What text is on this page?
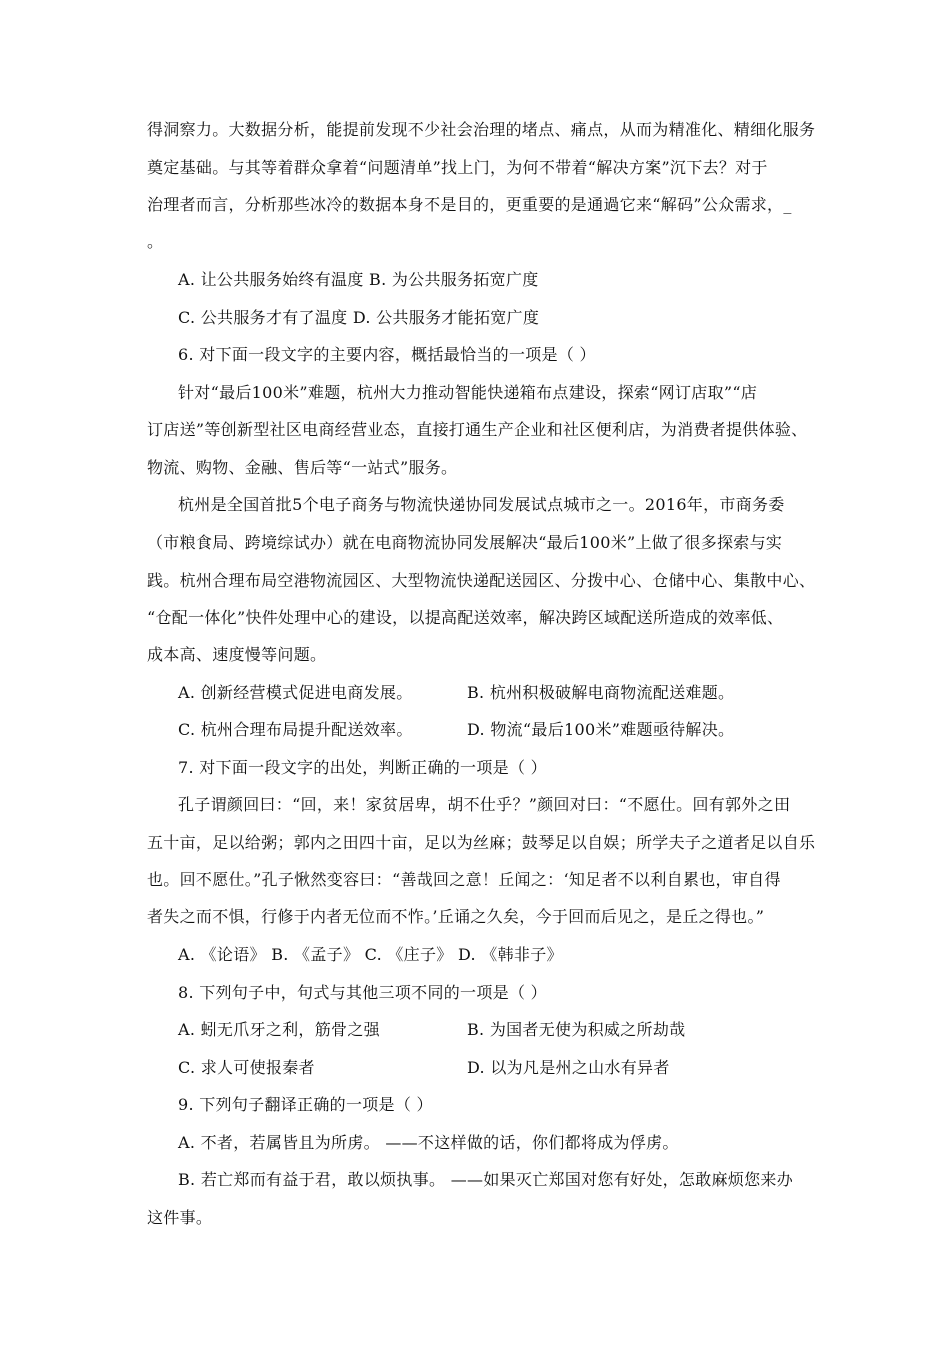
得洞察力。大数据分析，能提前发现不少社会治理的堵点、痛点，从而为精准化、精细化服务
奠定基础。与其等着群众拿着“问题清单”找上门，为何不带着“解决方案”沉下去？对于
治理者而言，分析那些冰冷的数据本身不是目的，更重要的是通過它来“解码”公众需求，_
。
A. 让公共服务始终有温度 B. 为公共服务拓宽广度
C. 公共服务才有了温度 D. 公共服务才能拓宽广度
6. 对下面一段文字的主要内容，概括最恰当的一项是（ ）
针对“最后100米”难题，杭州大力推动智能快递箱布点建设，探索“网订店取”“店
订店送”等创新型社区电商经营业态，直接打通生产企业和社区便利店，为消费者提供体验、
物流、购物、金融、售后等“一站式”服务。
杭州是全国首批5个电子商务与物流快递协同发展试点城市之一。2016年，市商务委
（市粮食局、跨境综试办）就在电商物流协同发展解决“最后100米”上做了很多探索与实
践。杭州合理布局空港物流园区、大型物流快递配送园区、分拨中心、仓储中心、集散中心、
“仓配一体化”快件处理中心的建设，以提高配送效率，解决跨区域配送所造成的效率低、
成本高、速度慢等问题。
A. 创新经营模式促进电商发展。	B. 杭州积极破解电商物流配送难题。
C. 杭州合理布局提升配送效率。	D. 物流“最后100米”难题亟待解决。
7. 对下面一段文字的出处，判断正确的一项是（ ）
孔子谓颜回曰：“回，来！家贫居卑，胡不仕乎？”颜回对曰：“不愿仕。回有郭外之田
五十亩，足以给粥；郭内之田四十亩，足以为丝麻；鼓琴足以自娱；所学夫子之道者足以自乐
也。回不愿仕。”孔子愀然变容曰：“善哉回之意！丘闻之：‘知足者不以利自累也，审自得
者失之而不惧，行修于内者无位而不怍。’丘诵之久矣，今于回而后见之，是丘之得也。”
A. 《论语》 B. 《孟子》 C. 《庄子》 D. 《韩非子》
8. 下列句子中，句式与其他三项不同的一项是（ ）
A. 蚓无爪牙之利，筋骨之强	B. 为国者无使为积威之所劫哉
C. 求人可使报秦者	D. 以为凡是州之山水有异者
9. 下列句子翻译正确的一项是（ ）
A. 不者，若属皆且为所虏。 ——不这样做的话，你们都将成为俘虏。
B. 若亡郑而有益于君，敢以烦执事。 ——如果灭亡郑国对您有好处，怎敢麻烦您来办
这件事。
